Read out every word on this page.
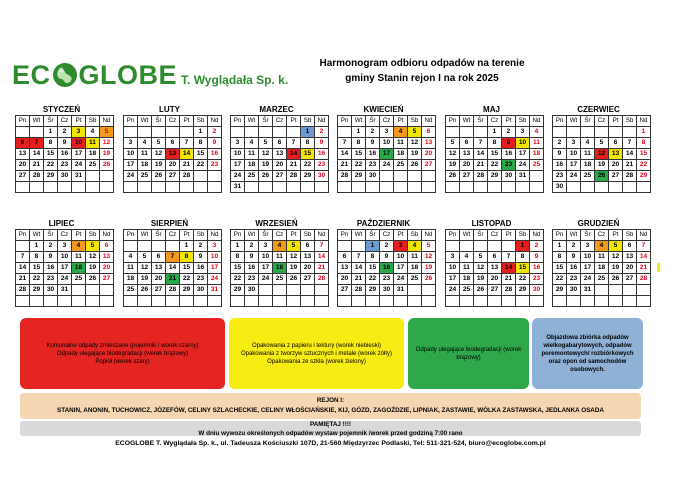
EC GLOBE T. Wyglądała Sp. k.
Harmonogram odbioru odpadów na terenie
gminy Stanin rejon I na rok 2025
STYCZEŃ
Pn	Wt	Śr	Cz	Pt	Sb	Nd
		1	2	3	4	5
6	7	8	9	10	11	12
13	14	15	16	17	18	19
20	21	22	23	24	25	26
27	28	29	30	31		

LUTY
Pn	Wt	Śr	Cz	Pt	Sb	Nd
					1	2
3	4	5	6	7	8	9
10	11	12	13	14	15	16
17	18	19	20	21	22	23
24	25	26	27	28		

MARZEC
Pn	Wt	Śr	Cz	Pt	Sb	Nd
					1	2
3	4	5	6	7	8	9
10	11	12	13	14	15	16
17	18	19	20	21	22	23
24	25	26	27	28	29	30
31						
KWIECIEŃ
Pn	Wt	Śr	Cz	Pt	Sb	Nd
	1	2	3	4	5	6
7	8	9	10	11	12	13
14	15	16	17	18	19	20
21	22	23	24	25	26	27
28	29	30				

MAJ
Pn	Wt	Śr	Cz	Pt	Sb	Nd
			1	2	3	4
5	6	7	8	9	10	11
12	13	14	15	16	17	18
19	20	21	22	23	24	25
26	27	28	29	30	31	

CZERWIEC
Pn	Wt	Śr	Cz	Pt	Sb	Nd
						1
2	3	4	5	6	7	8
9	10	11	12	13	14	15
16	17	18	19	20	21	22
23	24	25	26	27	28	29
30						
LIPIEC
Pn	Wt	Śr	Cz	Pt	Sb	Nd
	1	2	3	4	5	6
7	8	9	10	11	12	13
14	15	16	17	18	19	20
21	22	23	24	25	26	27
28	29	30	31			

SIERPIEŃ
Pn	Wt	Śr	Cz	Pt	Sb	Nd
				1	2	3
4	5	6	7	8	9	10
11	12	13	14	15	16	17
18	19	20	21	22	23	24
25	26	27	28	29	30	31

WRZESIEŃ
Pn	Wt	Śr	Cz	Pt	Sb	Nd
1	2	3	4	5	6	7
8	9	10	11	12	13	14
15	16	17	18	19	20	21
22	23	24	25	26	27	28
29	30					

PAŹDZIERNIK
Pn	Wt	Śr	Cz	Pt	Sb	Nd
		1	2	3	4	5
6	7	8	9	10	11	12
13	14	15	16	17	18	19
20	21	22	23	24	25	26
27	28	29	30	31		

LISTOPAD
Pn	Wt	Śr	Cz	Pt	Sb	Nd
					1	2
3	4	5	6	7	8	9
10	11	12	13	14	15	16
17	18	19	20	21	22	23
24	25	26	27	28	29	30

GRUDZIEŃ
Pn	Wt	Śr	Cz	Pt	Sb	Nd
1	2	3	4	5	6	7
8	9	10	11	12	13	14
15	16	17	18	19	20	21
22	23	24	25	26	27	28
29	30	31				

Komunalne odpady zmieszane (pojemnik / worek czarny)
Odpady ulegające biodegradacji (worek brązowy)
Popiół (worek szary)
Opakowania z papieru i tektury (worek niebieski)
Opakowania z tworzyw sztucznych i metale (worek żółty)
Opakowania ze szkła (worek zielony)
Odpady ulegające biodegradacji (worek brązowy)
Objazdowa zbiórka odpadów wielkogabarytowych, odpadów poremontowych/ rozbiórkowych oraz opon od samochodów osobowych.
REJON I:
STANIN, ANONIN, TUCHOWICZ, JÓZEFÓW, CELINY SZLACHECKIE, CELINY WŁOŚCIAŃSKIE, KIJ, GÓZD, ZAGOŹDZIE, LIPNIAK, ZASTAWIE, WÓLKA ZASTAWSKA, JEDLANKA OSADA
PAMIĘTAJ !!!!
W dniu wywozu określonych odpadów wystaw pojemnik /worek przed godziną 7:00 rano
ECOGLOBE T. Wyglądała Sp. k., ul. Tadeusza Kościuszki 107D, 21-560 Międzyrzec Podlaski, Tel: 511-321-524, biuro@ecoglobe.com.pl
